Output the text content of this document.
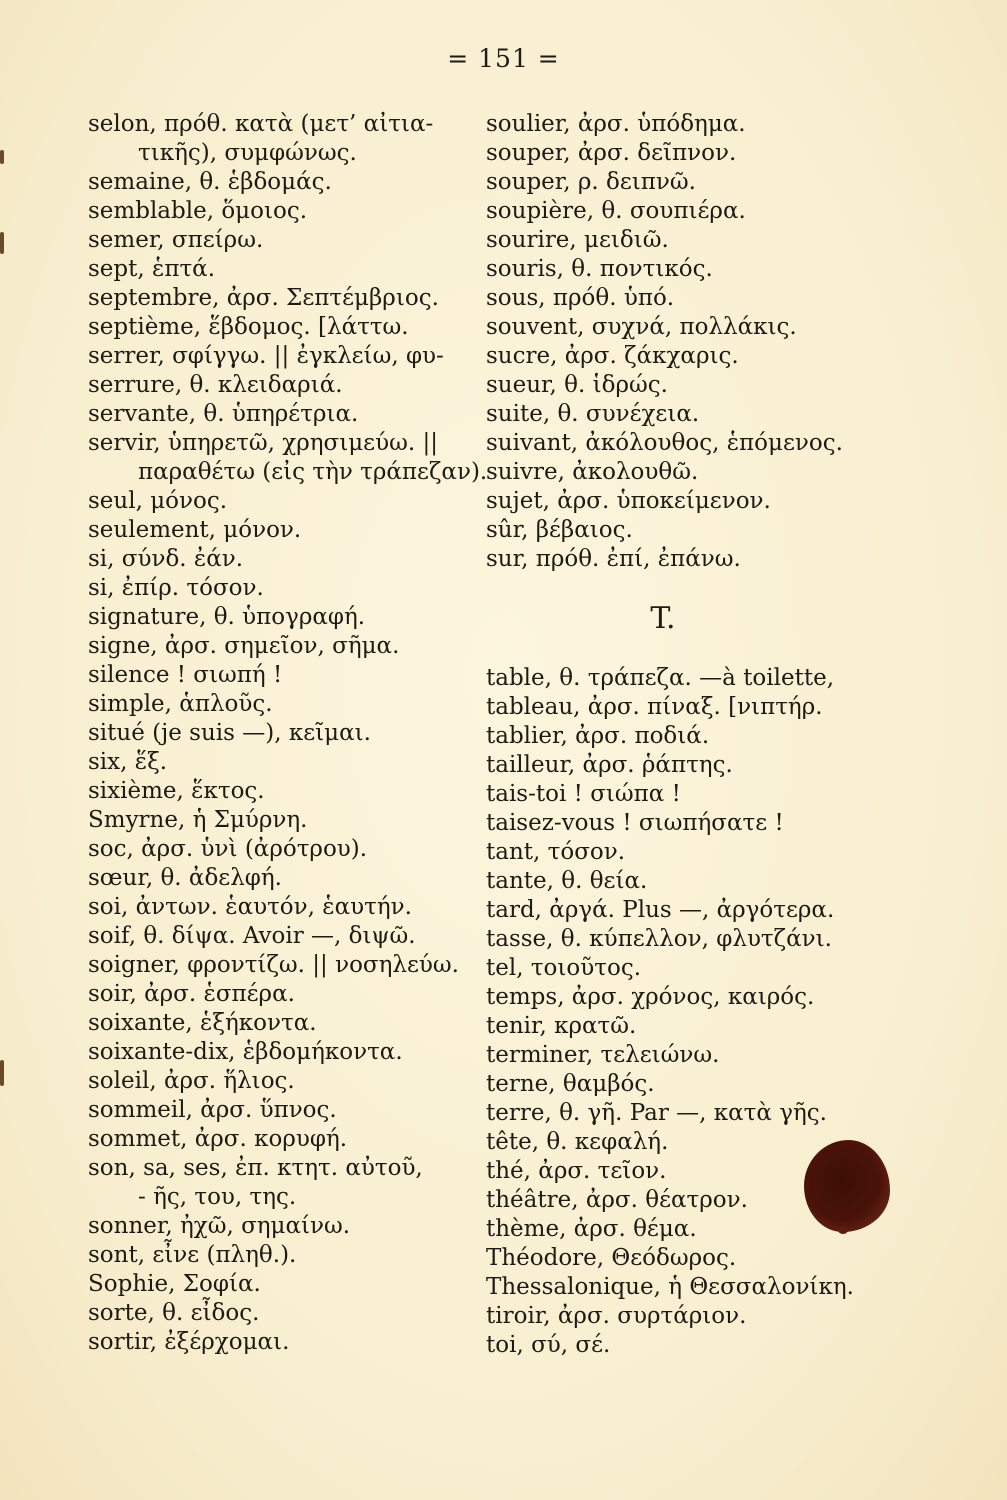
= 151 =
selon, πρόθ. κατὰ (μετ’ αἰτια-
τικῆς), συμφώνως.
semaine, θ. ἑβδομάς.
semblable, ὅμοιος.
semer, σπείρω.
sept, ἑπτά.
septembre, ἀρσ. Σεπτέμβριος.
septième, ἕβδομος. [λάττω.
serrer, σφίγγω. || ἐγκλείω, φυ-
serrure, θ. κλειδαριά.
servante, θ. ὑπηρέτρια.
servir, ὑπηρετῶ, χρησιμεύω. ||
παραθέτω (εἰς τὴν τράπεζαν).
seul, μόνος.
seulement, μόνον.
si, σύνδ. ἐάν.
si, ἐπίρ. τόσον.
signature, θ. ὑπογραφή.
signe, ἀρσ. σημεῖον, σῆμα.
silence ! σιωπή !
simple, ἁπλοῦς.
situé (je suis —), κεῖμαι.
six, ἕξ.
sixième, ἕκτος.
Smyrne, ἡ Σμύρνη.
soc, ἀρσ. ὑνὶ (ἀρότρου).
sœur, θ. ἀδελφή.
soi, ἀντων. ἑαυτόν, ἑαυτήν.
soif, θ. δίψα. Avoir —, διψῶ.
soigner, φροντίζω. || νοσηλεύω.
soir, ἀρσ. ἑσπέρα.
soixante, ἑξήκοντα.
soixante-dix, ἑβδομήκοντα.
soleil, ἀρσ. ἥλιος.
sommeil, ἀρσ. ὕπνος.
sommet, ἀρσ. κορυφή.
son, sa, ses, ἐπ. κτητ. αὐτοῦ,
- ῆς, του, της.
sonner, ἠχῶ, σημαίνω.
sont, εἶνε (πληθ.).
Sophie, Σοφία.
sorte, θ. εἶδος.
sortir, ἐξέρχομαι.
soulier, ἀρσ. ὑπόδημα.
souper, ἀρσ. δεῖπνον.
souper, ρ. δειπνῶ.
soupière, θ. σουπιέρα.
sourire, μειδιῶ.
souris, θ. ποντικός.
sous, πρόθ. ὑπό.
souvent, συχνά, πολλάκις.
sucre, ἀρσ. ζάκχαρις.
sueur, θ. ἱδρώς.
suite, θ. συνέχεια.
suivant, ἀκόλουθος, ἑπόμενος.
suivre, ἀκολουθῶ.
sujet, ἀρσ. ὑποκείμενον.
sûr, βέβαιος.
sur, πρόθ. ἐπί, ἐπάνω.
T.
table, θ. τράπεζα. —à toilette,
tableau, ἀρσ. πίναξ. [νιπτήρ.
tablier, ἀρσ. ποδιά.
tailleur, ἀρσ. ῥάπτης.
tais-toi ! σιώπα !
taisez-vous ! σιωπήσατε !
tant, τόσον.
tante, θ. θεία.
tard, ἀργά. Plus —, ἀργότερα.
tasse, θ. κύπελλον, φλυτζάνι.
tel, τοιοῦτος.
temps, ἀρσ. χρόνος, καιρός.
tenir, κρατῶ.
terminer, τελειώνω.
terne, θαμβός.
terre, θ. γῆ. Par —, κατὰ γῆς.
tête, θ. κεφαλή.
thé, ἀρσ. τεῖον.
théâtre, ἀρσ. θέατρον.
thème, ἀρσ. θέμα.
Théodore, Θεόδωρος.
Thessalonique, ἡ Θεσσαλονίκη.
tiroir, ἀρσ. συρτάριον.
toi, σύ, σέ.
